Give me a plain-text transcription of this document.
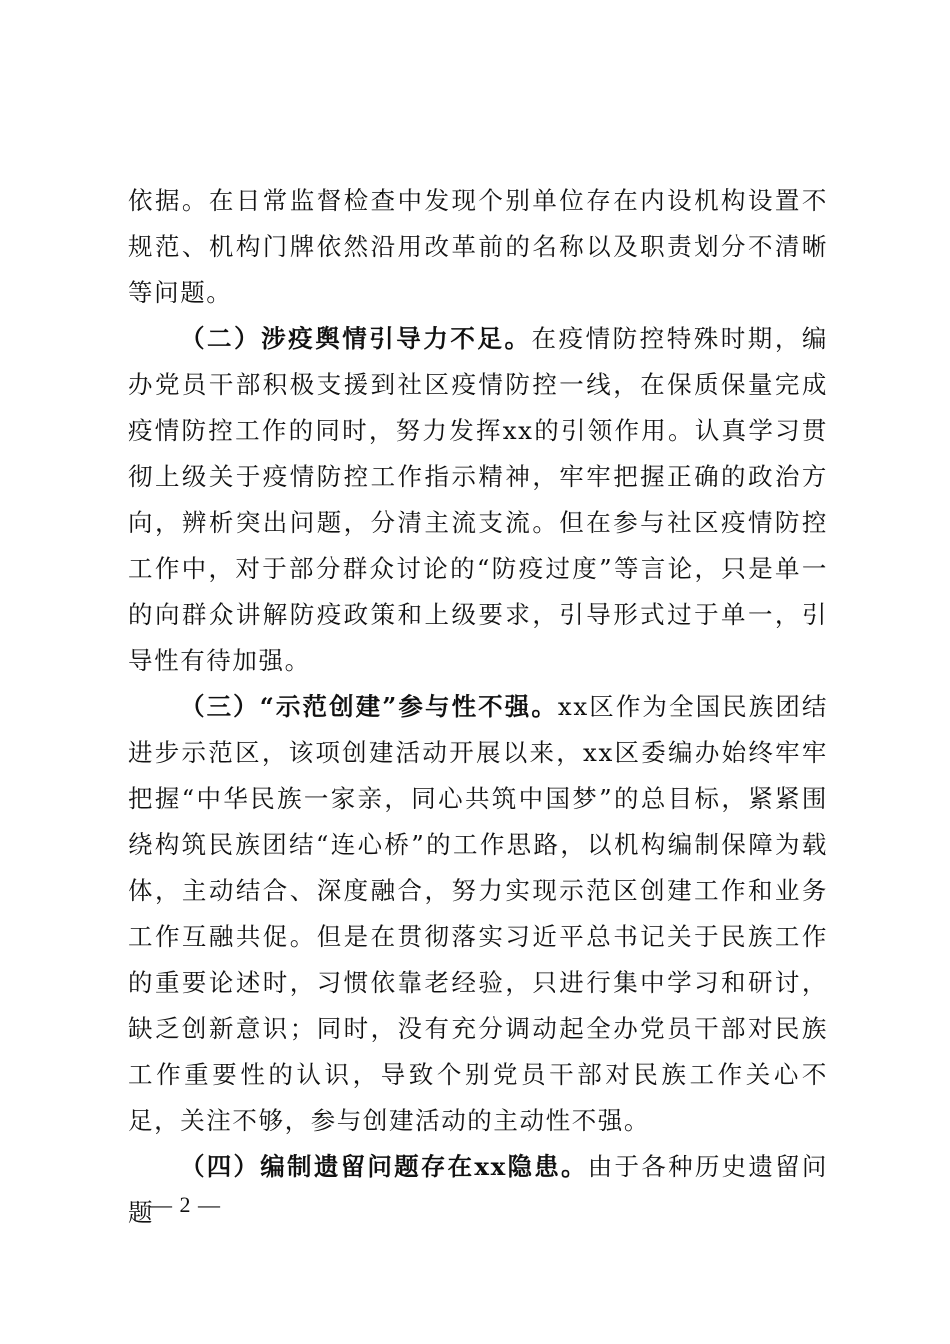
依据。在日常监督检查中发现个别单位存在内设机构设置不规范、机构门牌依然沿用改革前的名称以及职责划分不清晰等问题。

（二）涉疫舆情引导力不足。在疫情防控特殊时期，编办党员干部积极支援到社区疫情防控一线，在保质保量完成疫情防控工作的同时，努力发挥xx的引领作用。认真学习贯彻上级关于疫情防控工作指示精神，牢牢把握正确的政治方向，辨析突出问题，分清主流支流。但在参与社区疫情防控工作中，对于部分群众讨论的“防疫过度”等言论，只是单一的向群众讲解防疫政策和上级要求，引导形式过于单一，引导性有待加强。

（三）“示范创建”参与性不强。xx区作为全国民族团结进步示范区，该项创建活动开展以来，xx区委编办始终牢牢把握“中华民族一家亲，同心共筑中国梦”的总目标，紧紧围绕构筑民族团结“连心桥”的工作思路，以机构编制保障为载体，主动结合、深度融合，努力实现示范区创建工作和业务工作互融共促。但是在贯彻落实习近平总书记关于民族工作的重要论述时，习惯依靠老经验，只进行集中学习和研讨，缺乏创新意识；同时，没有充分调动起全办党员干部对民族工作重要性的认识，导致个别党员干部对民族工作关心不足，关注不够，参与创建活动的主动性不强。

（四）编制遗留问题存在xx隐患。由于各种历史遗留问题

— 2 —
